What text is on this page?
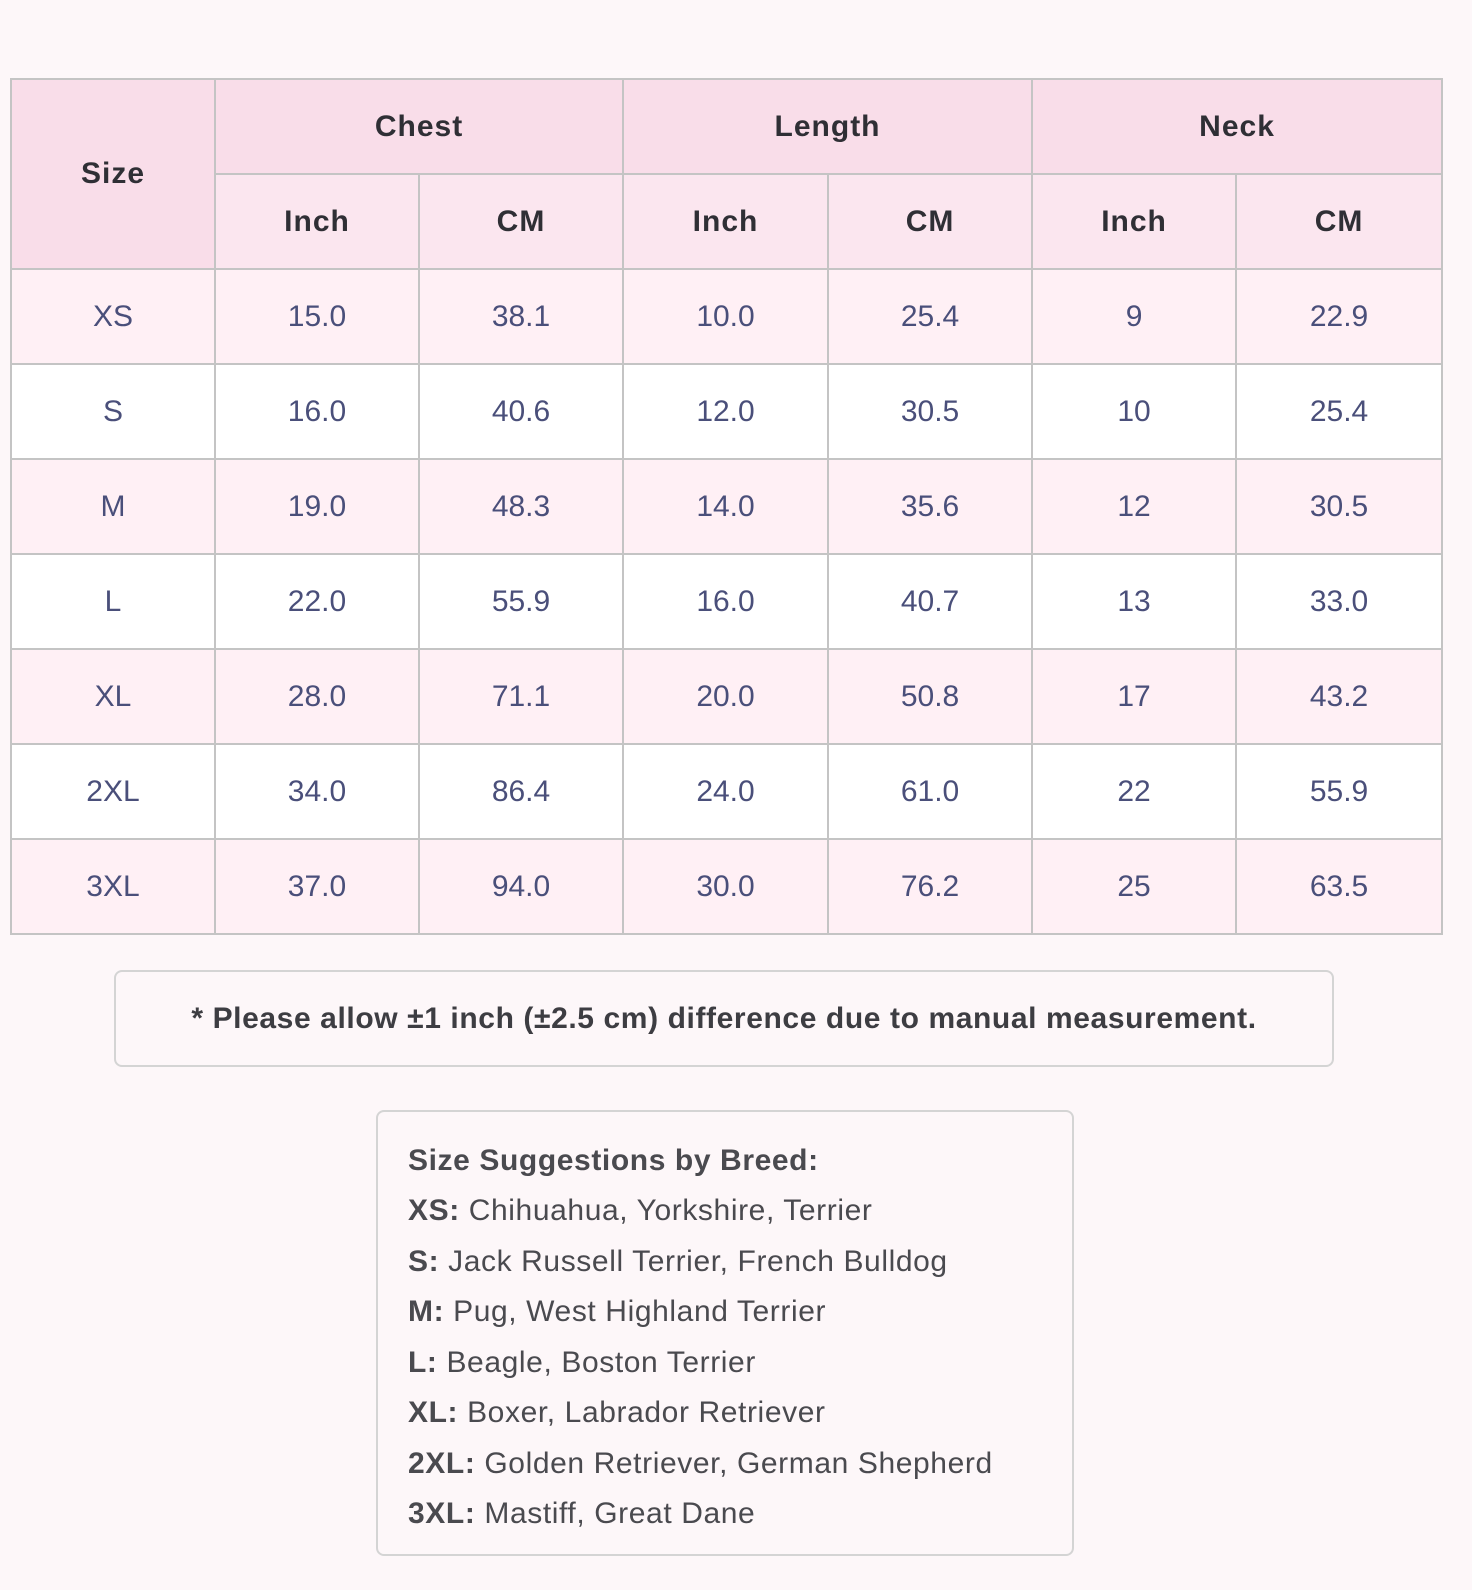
Size	Chest		Length		Neck	
	Inch	CM	Inch	CM	Inch	CM
XS	15.0	38.1	10.0	25.4	9	22.9
S	16.0	40.6	12.0	30.5	10	25.4
M	19.0	48.3	14.0	35.6	12	30.5
L	22.0	55.9	16.0	40.7	13	33.0
XL	28.0	71.1	20.0	50.8	17	43.2
2XL	34.0	86.4	24.0	61.0	22	55.9
3XL	37.0	94.0	30.0	76.2	25	63.5
* Please allow ±1 inch (±2.5 cm) difference due to manual measurement.
Size Suggestions by Breed:
XS: Chihuahua, Yorkshire, Terrier
S: Jack Russell Terrier, French Bulldog
M: Pug, West Highland Terrier
L: Beagle, Boston Terrier
XL: Boxer, Labrador Retriever
2XL: Golden Retriever, German Shepherd
3XL: Mastiff, Great Dane
